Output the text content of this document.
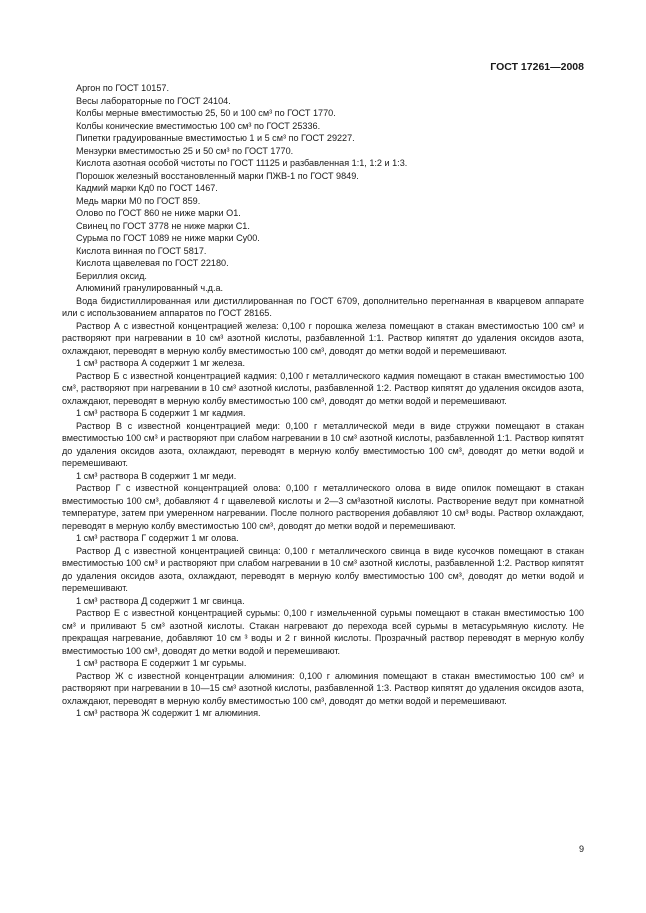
ГОСТ 17261—2008

Аргон по ГОСТ 10157.

Весы лабораторные по ГОСТ 24104.

Колбы мерные вместимостью 25, 50 и 100 см³ по ГОСТ 1770.

Колбы конические вместимостью 100 см³ по ГОСТ 25336.

Пипетки градуированные вместимостью 1 и 5 см³ по ГОСТ 29227.

Мензурки вместимостью 25 и 50 см³ по ГОСТ 1770.

Кислота азотная особой чистоты по ГОСТ 11125 и разбавленная 1:1, 1:2 и 1:3.

Порошок железный восстановленный марки ПЖВ-1 по ГОСТ 9849.

Кадмий марки Кд0 по ГОСТ 1467.

Медь марки М0 по ГОСТ 859.

Олово по ГОСТ 860 не ниже марки О1.

Свинец по ГОСТ 3778 не ниже марки С1.

Сурьма по ГОСТ 1089 не ниже марки Су00.

Кислота винная по ГОСТ 5817.

Кислота щавелевая по ГОСТ 22180.

Бериллия оксид.

Алюминий гранулированный ч.д.а.

Вода бидистиллированная или дистиллированная по ГОСТ 6709, дополнительно перегнанная в кварцевом аппарате или с использованием аппаратов по ГОСТ 28165.

Раствор А с известной концентрацией железа: 0,100 г порошка железа помещают в стакан вместимостью 100 см³ и растворяют при нагревании в 10 см³ азотной кислоты, разбавленной 1:1. Раствор кипятят до удаления оксидов азота, охлаждают, переводят в мерную колбу вместимостью 100 см³, доводят до метки водой и перемешивают.

1 см³ раствора А содержит 1 мг железа.

Раствор Б с известной концентрацией кадмия: 0,100 г металлического кадмия помещают в стакан вместимостью 100 см³, растворяют при нагревании в 10 см³ азотной кислоты, разбавленной 1:2. Раствор кипятят до удаления оксидов азота, охлаждают, переводят в мерную колбу вместимостью 100 см³, доводят до метки водой и перемешивают.

1 см³ раствора Б содержит 1 мг кадмия.

Раствор В с известной концентрацией меди: 0,100 г металлической меди в виде стружки помещают в стакан вместимостью 100 см³ и растворяют при слабом нагревании в 10 см³ азотной кислоты, разбавленной 1:1. Раствор кипятят до удаления оксидов азота, охлаждают, переводят в мерную колбу вместимостью 100 см³, доводят до метки водой и перемешивают.

1 см³ раствора В содержит 1 мг меди.

Раствор Г с известной концентрацией олова: 0,100 г металлического олова в виде опилок помещают в стакан вместимостью 100 см³, добавляют 4 г щавелевой кислоты и 2—3 см³азотной кислоты. Растворение ведут при комнатной температуре, затем при умеренном нагревании. После полного растворения добавляют 10 см³ воды. Раствор охлаждают, переводят в мерную колбу вместимостью 100 см³, доводят до метки водой и перемешивают.

1 см³ раствора Г содержит 1 мг олова.

Раствор Д с известной концентрацией свинца: 0,100 г металлического свинца в виде кусочков помещают в стакан вместимостью 100 см³ и растворяют при слабом нагревании в 10 см³ азотной кислоты, разбавленной 1:2. Раствор кипятят до удаления оксидов азота, охлаждают, переводят в мерную колбу вместимостью 100 см³, доводят до метки водой и перемешивают.

1 см³ раствора Д содержит 1 мг свинца.

Раствор Е с известной концентрацией сурьмы: 0,100 г измельченной сурьмы помещают в стакан вместимостью 100 см³ и приливают 5 см³ азотной кислоты. Стакан нагревают до перехода всей сурьмы в метасурьмяную кислоту. Не прекращая нагревание, добавляют 10 см ³ воды и 2 г винной кислоты. Прозрачный раствор переводят в мерную колбу вместимостью 100 см³, доводят до метки водой и перемешивают.

1 см³ раствора Е содержит 1 мг сурьмы.

Раствор Ж с известной концентрации алюминия: 0,100 г алюминия помещают в стакан вместимостью 100 см³ и растворяют при нагревании в 10—15 см³ азотной кислоты, разбавленной 1:3. Раствор кипятят до удаления оксидов азота, охлаждают, переводят в мерную колбу вместимостью 100 см³, доводят до метки водой и перемешивают.

1 см³ раствора Ж содержит 1 мг алюминия.

9
